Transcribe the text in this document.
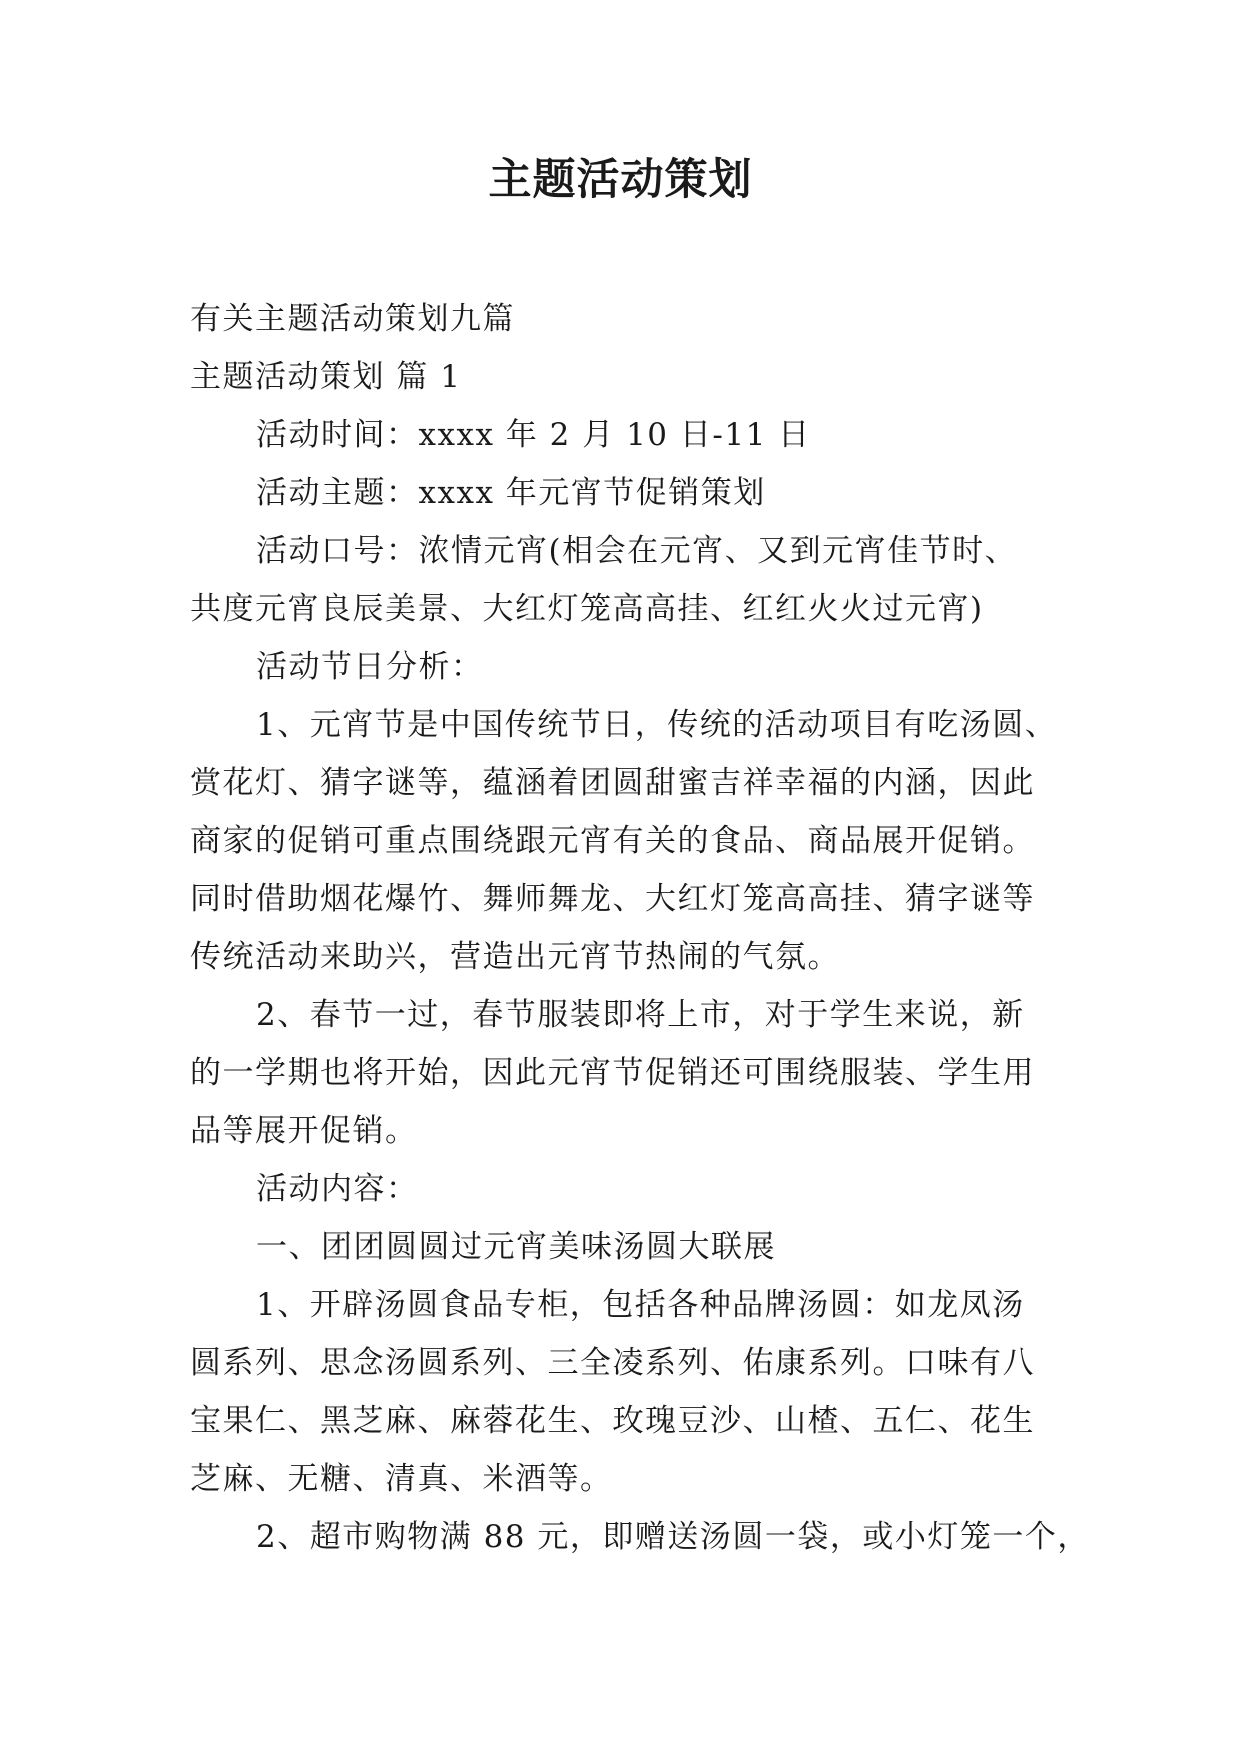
主题活动策划
有关主题活动策划九篇
主题活动策划 篇 1
活动时间：xxxx 年 2 月 10 日-11 日
活动主题：xxxx 年元宵节促销策划
活动口号：浓情元宵(相会在元宵、又到元宵佳节时、
共度元宵良辰美景、大红灯笼高高挂、红红火火过元宵)
活动节日分析：
1、元宵节是中国传统节日，传统的活动项目有吃汤圆、
赏花灯、猜字谜等，蕴涵着团圆甜蜜吉祥幸福的内涵，因此
商家的促销可重点围绕跟元宵有关的食品、商品展开促销。
同时借助烟花爆竹、舞师舞龙、大红灯笼高高挂、猜字谜等
传统活动来助兴，营造出元宵节热闹的气氛。
2、春节一过，春节服装即将上市，对于学生来说，新
的一学期也将开始，因此元宵节促销还可围绕服装、学生用
品等展开促销。
活动内容：
一、团团圆圆过元宵美味汤圆大联展
1、开辟汤圆食品专柜，包括各种品牌汤圆：如龙凤汤
圆系列、思念汤圆系列、三全凌系列、佑康系列。口味有八
宝果仁、黑芝麻、麻蓉花生、玫瑰豆沙、山楂、五仁、花生
芝麻、无糖、清真、米酒等。
2、超市购物满 88 元，即赠送汤圆一袋，或小灯笼一个，
